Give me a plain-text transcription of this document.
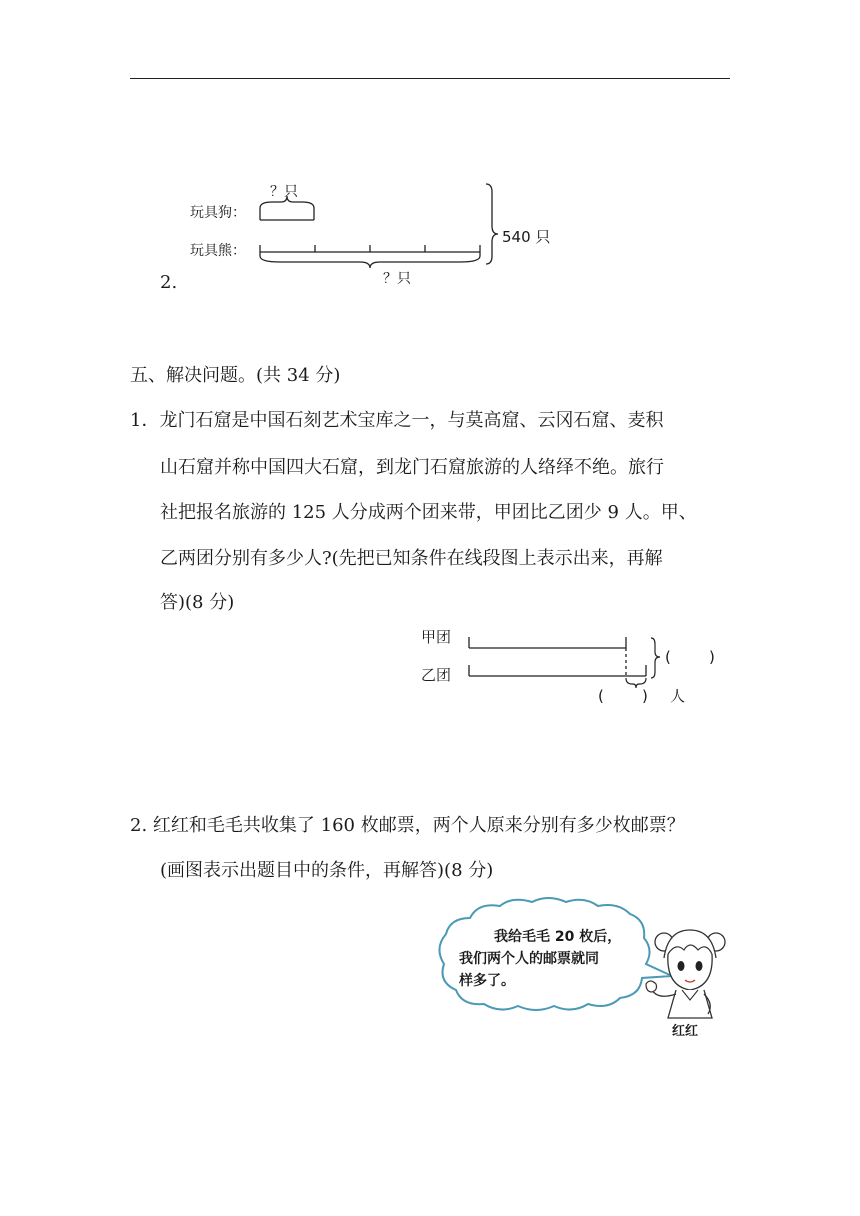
？只
玩具狗：
玩具熊：
540 只
？只
2.
五、解决问题。(共 34 分)
1．龙门石窟是中国石刻艺术宝库之一，与莫高窟、云冈石窟、麦积
山石窟并称中国四大石窟，到龙门石窟旅游的人络绎不绝。旅行
社把报名旅游的 125 人分成两个团来带，甲团比乙团少 9 人。甲、
乙两团分别有多少人?(先把已知条件在线段图上表示出来，再解
答)(8 分)
甲团
乙团
(        )
(        ) 人
2. 红红和毛毛共收集了 160 枚邮票，两个人原来分别有多少枚邮票？
(画图表示出题目中的条件，再解答)(8 分)
我给毛毛 20 枚后，
我们两个人的邮票就同
样多了。
红红
